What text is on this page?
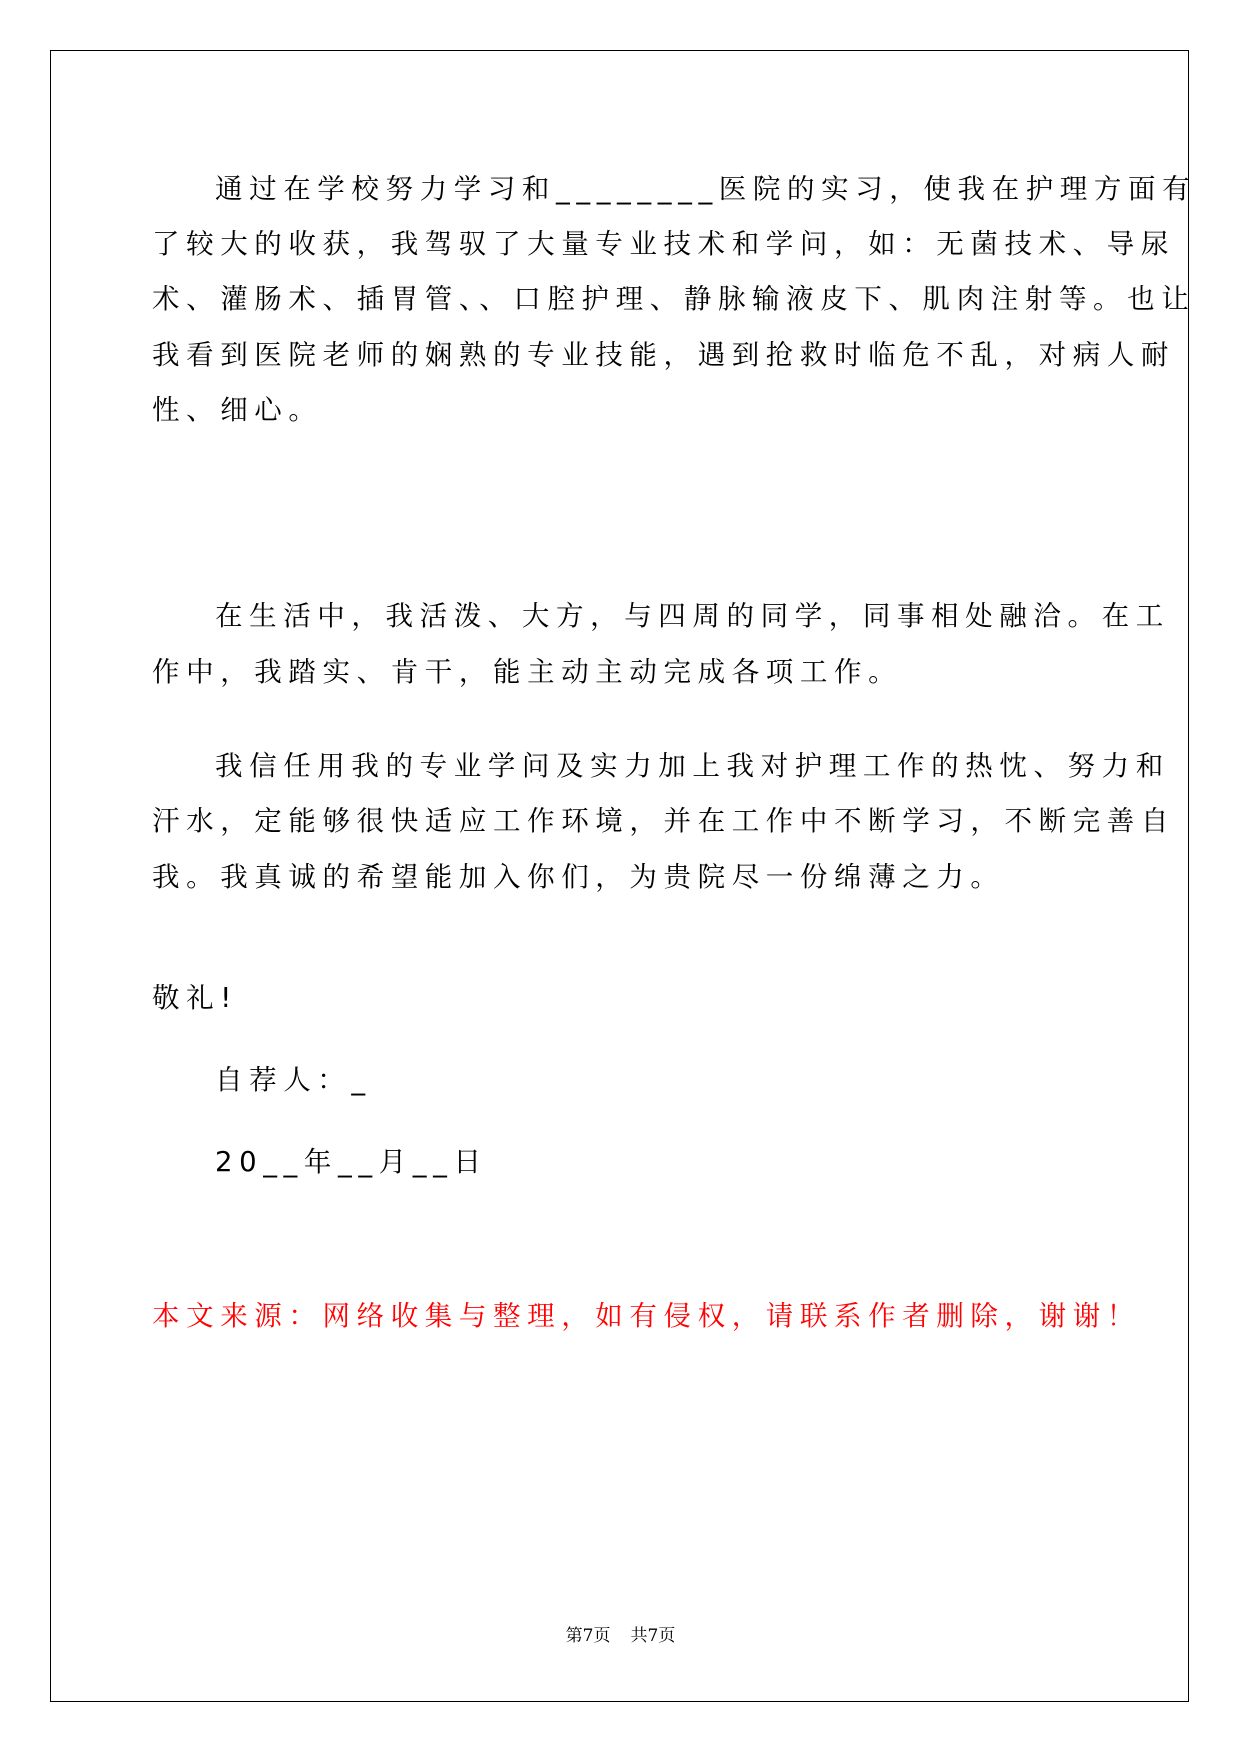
通过在学校努力学习和________医院的实习，使我在护理方面有
了较大的收获，我驾驭了大量专业技术和学问，如：无菌技术、导尿
术、灌肠术、插胃管、、口腔护理、静脉输液皮下、肌肉注射等。也让
我看到医院老师的娴熟的专业技能，遇到抢救时临危不乱，对病人耐
性、细心。
在生活中，我活泼、大方，与四周的同学，同事相处融洽。在工
作中，我踏实、肯干，能主动主动完成各项工作。
我信任用我的专业学问及实力加上我对护理工作的热忱、努力和
汗水，定能够很快适应工作环境，并在工作中不断学习，不断完善自
我。我真诚的希望能加入你们，为贵院尽一份绵薄之力。
敬礼!
自荐人：_
20__年__月__日
本文来源：网络收集与整理，如有侵权，请联系作者删除，谢谢！
第7页 共7页
